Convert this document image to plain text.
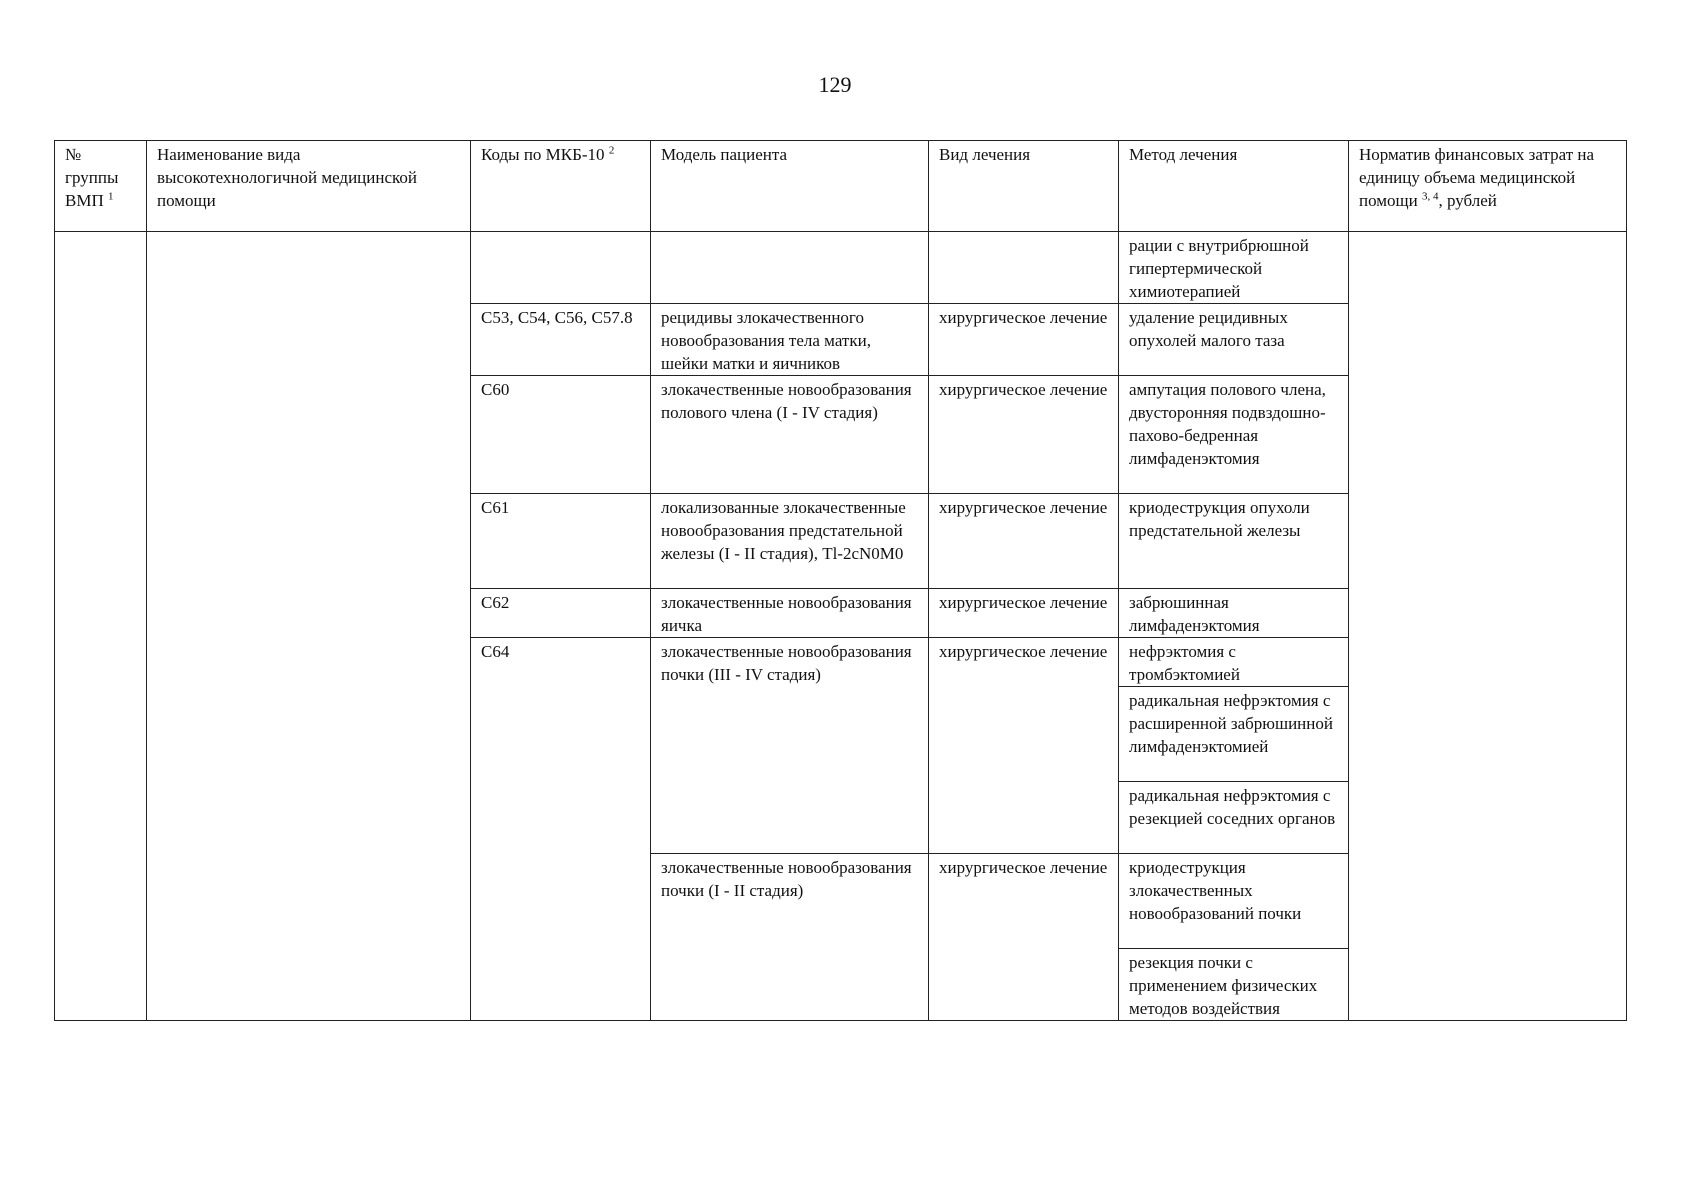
129
№ группы ВМП $^1$	Наименование вида высокотехнологичной медицинской помощи	Коды по МКБ-10 $^2$	Модель пациента	Вид лечения	Метод лечения	Норматив финансовых затрат на единицу объема медицинской помощи $^{3, 4}$, рублей
					рации с внутрибрюшной гипертермической химиотерапией	
		C53, C54, C56, C57.8	рецидивы злокачественного новообразования тела матки, шейки матки и яичников	хирургическое лечение	удаление рецидивных опухолей малого таза	
		C60	злокачественные новообразования полового члена (I - IV стадия)	хирургическое лечение	ампутация полового члена, двусторонняя подвздошно-пахово-бедренная лимфаденэктомия	
		C61	локализованные злокачественные новообразования предстательной железы (I - II стадия), Tl-2cN0M0	хирургическое лечение	криодеструкция опухоли предстательной железы	
		C62	злокачественные новообразования яичка	хирургическое лечение	забрюшинная лимфаденэктомия	
		C64	злокачественные новообразования почки (III - IV стадия)	хирургическое лечение	нефрэктомия с тромбэктомией	
					радикальная нефрэктомия с расширенной забрюшинной лимфаденэктомией	
					радикальная нефрэктомия с резекцией соседних органов	
			злокачественные новообразования почки (I - II стадия)	хирургическое лечение	криодеструкция злокачественных новообразований почки	
					резекция почки с применением физических методов воздействия	
